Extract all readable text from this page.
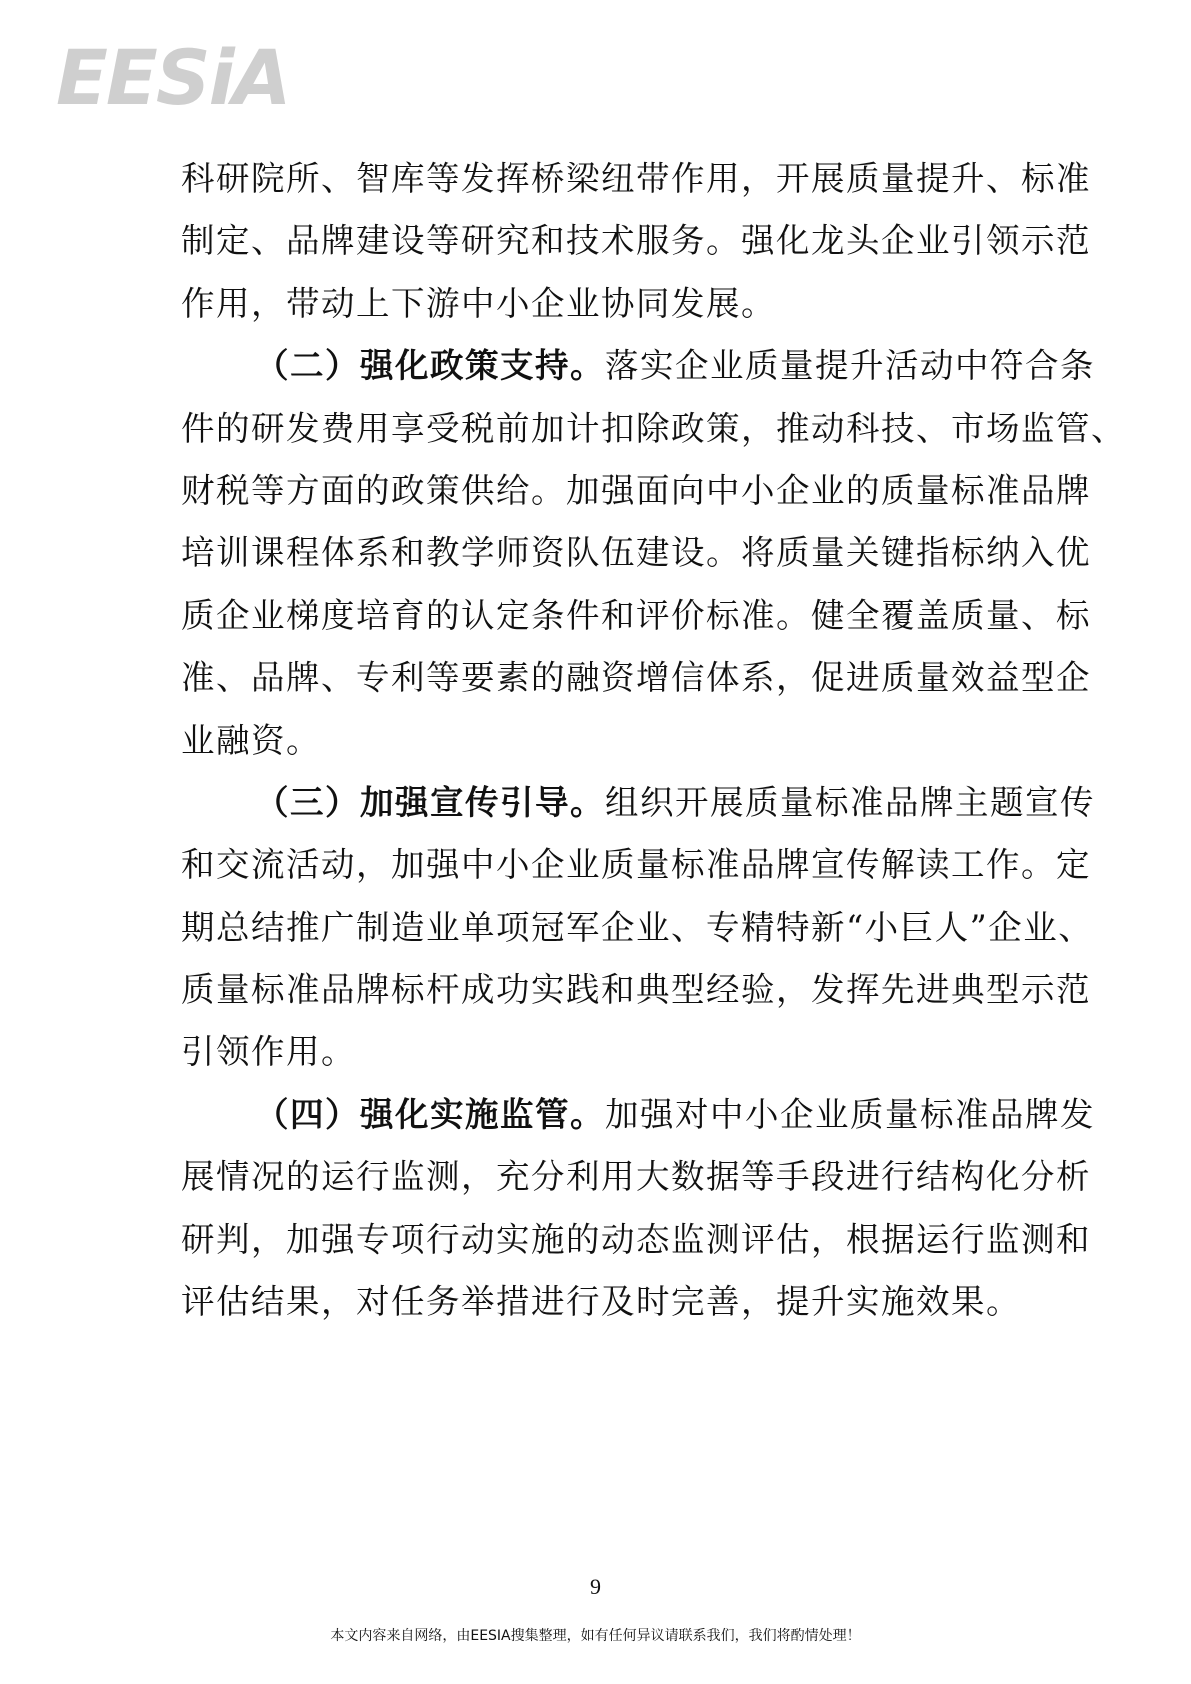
EESiA
科研院所、智库等发挥桥梁纽带作用，开展质量提升、标准
制定、品牌建设等研究和技术服务。强化龙头企业引领示范
作用，带动上下游中小企业协同发展。
（二）强化政策支持。落实企业质量提升活动中符合条
件的研发费用享受税前加计扣除政策，推动科技、市场监管、
财税等方面的政策供给。加强面向中小企业的质量标准品牌
培训课程体系和教学师资队伍建设。将质量关键指标纳入优
质企业梯度培育的认定条件和评价标准。健全覆盖质量、标
准、品牌、专利等要素的融资增信体系，促进质量效益型企
业融资。
（三）加强宣传引导。组织开展质量标准品牌主题宣传
和交流活动，加强中小企业质量标准品牌宣传解读工作。定
期总结推广制造业单项冠军企业、专精特新“小巨人”企业、
质量标准品牌标杆成功实践和典型经验，发挥先进典型示范
引领作用。
（四）强化实施监管。加强对中小企业质量标准品牌发
展情况的运行监测，充分利用大数据等手段进行结构化分析
研判，加强专项行动实施的动态监测评估，根据运行监测和
评估结果，对任务举措进行及时完善，提升实施效果。
9
本文内容来自网络，由EESIA搜集整理，如有任何异议请联系我们，我们将酌情处理！
